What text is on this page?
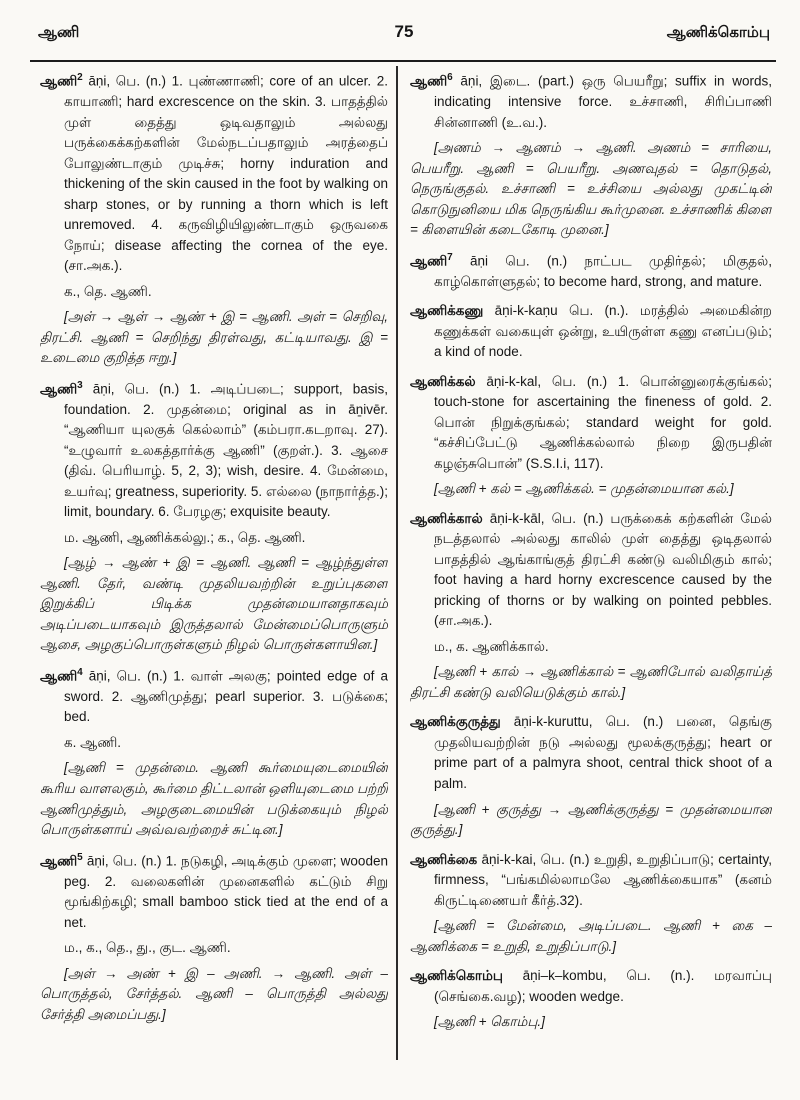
ஆணி	75	ஆணிக்கொம்பு

ஆணி$^2$ āṇi, பெ. (n.) 1. புண்ணாணி; core of an ulcer. 2. காயாணி; hard excrescence on the skin. 3. பாதத்தில் முள் தைத்து ஒடிவதாலும் அல்லது பருக்கைக்கற்களின் மேல்நடப்பதாலும் அரத்தைப் போலுண்டாகும் முடிச்சு; horny induration and thickening of the skin caused in the foot by walking on sharp stones, or by running a thorn which is left unremoved. 4. கருவிழியிலுண்டாகும் ஒருவகை நோய்; disease affecting the cornea of the eye. (சா.அக.).

க., தெ. ஆணி.

[அள் → ஆள் → ஆண் + இ = ஆணி. அள் = செறிவு, திரட்சி. ஆணி = செறிந்து திரள்வது, கட்டியாவது. இ = உடைமை குறித்த ஈறு.]

ஆணி$^3$ āṇi, பெ. (n.) 1. அடிப்படை; support, basis, foundation. 2. முதன்மை; original as in āṉivēr. “ஆணியா யுலகுக் கெல்லாம்” (கம்பரா.கடறாவு. 27). “உழுவார் உலகத்தார்க்கு ஆணி” (குறள்.). 3. ஆசை (திவ். பெரியாழ். 5, 2, 3); wish, desire. 4. மேன்மை, உயர்வு; greatness, superiority. 5. எல்லை (நாநார்த்த.); limit, boundary. 6. பேரழகு; exquisite beauty.

ம. ஆணி, ஆணிக்கல்லு.; க., தெ. ஆணி.

[ஆழ் → ஆண் + இ = ஆணி. ஆணி = ஆழ்ந்துள்ள ஆணி. தேர், வண்டி முதலியவற்றின் உறுப்புகளை இறுக்கிப் பிடிக்க முதன்மையானதாகவும் அடிப்படையாகவும் இருத்தலால் மேன்மைப்பொருளும் ஆசை, அழகுப்பொருள்களும் நிழல் பொருள்களாயின.]

ஆணி$^4$ āṇi, பெ. (n.) 1. வாள் அலகு; pointed edge of a sword. 2. ஆணிமுத்து; pearl superior. 3. படுக்கை; bed.

க. ஆணி.

[ஆணி = முதன்மை. ஆணி கூர்மையுடைமையின் கூரிய வாளலகும், கூர்மை திட்டலான் ஒளியுடைமை பற்றி ஆணிமுத்தும், அழகுடைமையின் படுக்கையும் நிழல் பொருள்களாய் அவ்வவற்றைச் சுட்டின.]

ஆணி$^5$ āṇi, பெ. (n.) 1. நடுகழி, அடிக்கும் முளை; wooden peg. 2. வலைகளின் முனைகளில் கட்டும் சிறு மூங்கிற்கழி; small bamboo stick tied at the end of a net.

ம., க., தெ., து., குட. ஆணி.

[அள் → அண் + இ – அணி. → ஆணி. அள் – பொருத்தல், சேர்த்தல். ஆணி – பொருத்தி அல்லது சேர்த்தி அமைப்பது.]

ஆணி$^6$ āṇi, இடை. (part.) ஒரு பெயரீறு; suffix in words, indicating intensive force. உச்சாணி, சிரிப்பாணி சின்னாணி (உ.வ.).

[அணம் → ஆணம் → ஆணி. அணம் = சாரியை, பெயரீறு. ஆணி = பெயரீறு. அணவுதல் = தொடுதல், நெருங்குதல். உச்சாணி = உச்சியை அல்லது முகட்டின் கொடுநுனியை மிக நெருங்கிய கூர்முனை. உச்சாணிக் கிளை = கிளையின் கடைகோடி முனை.]

ஆணி$^7$ āṇi பெ. (n.) நாட்பட முதிர்தல்; மிகுதல், காழ்கொள்ளுதல்; to become hard, strong, and mature.

ஆணிக்கணு āṇi-k-kaṇu பெ. (n.). மரத்தில் அமைகின்ற கணுக்கள் வகையுள் ஒன்று, உயிருள்ள கணு எனப்படும்; a kind of node.

ஆணிக்கல் āṇi-k-kal, பெ. (n.) 1. பொன்னுரைக்குங்கல்; touch-stone for ascertaining the fineness of gold. 2. பொன் நிறுக்குங்கல்; standard weight for gold. “கச்சிப்பேட்டு ஆணிக்கல்லால் நிறை இருபதின் கழஞ்சுபொன்” (S.S.I.i, 117).

[ஆணி + கல் = ஆணிக்கல். = முதன்மையான கல்.]

ஆணிக்கால் āṇi-k-kāl, பெ. (n.) பருக்கைக் கற்களின் மேல் நடத்தலால் அல்லது காலில் முள் தைத்து ஒடிதலால் பாதத்தில் ஆங்காங்குத் திரட்சி கண்டு வலிமிகும் கால்; foot having a hard horny excrescence caused by the pricking of thorns or by walking on pointed pebbles. (சா.அக.).

ம., க. ஆணிக்கால்.

[ஆணி + கால் → ஆணிக்கால் = ஆணிபோல் வலிதாய்த் திரட்சி கண்டு வலியெடுக்கும் கால்.]

ஆணிக்குருத்து āṇi-k-kuruttu, பெ. (n.) பனை, தெங்கு முதலியவற்றின் நடு அல்லது மூலக்குருத்து; heart or prime part of a palmyra shoot, central thick shoot of a palm.

[ஆணி + குருத்து → ஆணிக்குருத்து = முதன்மையான குருத்து.]

ஆணிக்கை āṇi-k-kai, பெ. (n.) உறுதி, உறுதிப்பாடு; certainty, firmness, “பங்கமில்லாமலே ஆணிக்கையாக” (கனம் கிருட்டிணையர் கீர்த்.32).

[ஆணி = மேன்மை, அடிப்படை. ஆணி + கை – ஆணிக்கை = உறுதி, உறுதிப்பாடு.]

ஆணிக்கொம்பு āṇi–k–kombu, பெ. (n.). மரவாப்பு (செங்கை.வழ); wooden wedge.

[ஆணி + கொம்பு.]
